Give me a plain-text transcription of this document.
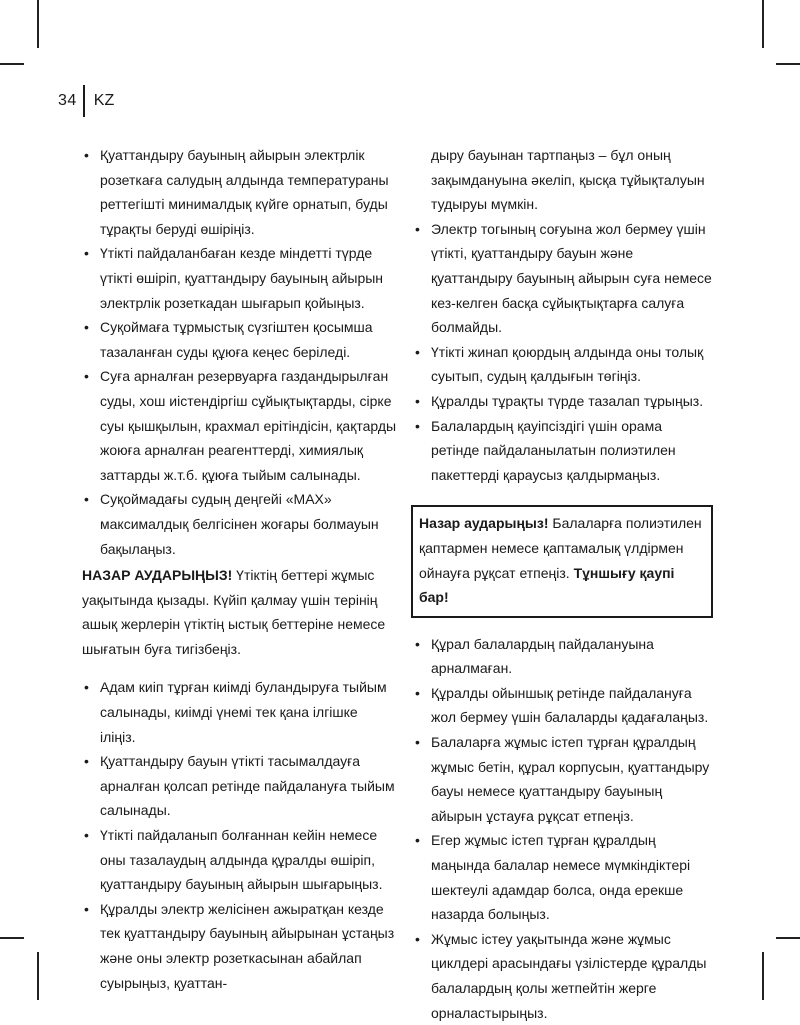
34 KZ
• Қуаттандыру бауының айырын электрлік розеткаға салудың алдында температураны реттегішті минималдық күйге орнатып, буды тұрақты беруді өшіріңіз.
• Үтікті пайдаланбаған кезде міндетті түрде үтікті өшіріп, қуаттандыру бауының айырын электрлік розеткадан шығарып қойыңыз.
• Суқоймаға тұрмыстық сүзгіштен қосымша тазаланған суды құюға кеңес беріледі.
• Суға арналған резервуарға газдандырылған суды, хош иістендіргіш сұйықтықтарды, сірке суы қышқылын, крахмал ерітіндісін, қақтарды жоюға арналған реагенттерді, химиялық заттарды ж.т.б. құюға тыйым салынады.
• Суқоймадағы судың деңгейі «MAX» максималдық белгісінен жоғары болмауын бақылаңыз.

НАЗАР АУДАРЫҢЫЗ! Үтіктің беттері жұмыс уақытында қызады. Күйіп қалмау үшін терінің ашық жерлерін үтіктің ыстық беттеріне немесе шығатын буға тигізбеңіз.

• Адам киіп тұрған киімді буландыруға тыйым салынады, киімді үнемі тек қана ілгішке іліңіз.
• Қуаттандыру бауын үтікті тасымалдауға арналған қолсап ретінде пайдалануға тыйым салынады.
• Үтікті пайдаланып болғаннан кейін немесе оны тазалаудың алдында құралды өшіріп, қуаттандыру бауының айырын шығарыңыз.
• Құралды электр желісінен ажыратқан кезде тек қуаттандыру бауының айырынан ұстаңыз және оны электр розеткасынан абайлап суырыңыз, қуаттан-

дыру бауынан тартпаңыз – бұл оның зақымдануына әкеліп, қысқа тұйықталуын тудыруы мүмкін.

• Электр тогының соғуына жол бермеу үшін үтікті, қуаттандыру бауын және қуаттандыру бауының айырын суға немесе кез-келген басқа сұйықтықтарға салуға болмайды.
• Үтікті жинап қоюрдың алдында оны толық суытып, судың қалдығын төгіңіз.
• Құралды тұрақты түрде тазалап тұрыңыз.
• Балалардың қауіпсіздігі үшін орама ретінде пайдаланылатын полиэтилен пакеттерді қараусыз қалдырмаңыз.
Назар аударыңыз! Балаларға полиэтилен қаптармен немесе қаптамалық үлдірмен ойнауға рұқсат етпеңіз. Тұншығу қаупі бар!
• Құрал балалардың пайдалануына арналмаған.
• Құралды ойыншық ретінде пайдалануға жол бермеу үшін балаларды қадағалаңыз.
• Балаларға жұмыс істеп тұрған құралдың жұмыс бетін, құрал корпусын, қуаттандыру бауы немесе қуаттандыру бауының айырын ұстауға рұқсат етпеңіз.
• Егер жұмыс істеп тұрған құралдың маңында балалар немесе мүмкіндіктері шектеулі адамдар болса, онда ерекше назарда болыңыз.
• Жұмыс істеу уақытында және жұмыс циклдері арасындағы үзілістерде құралды балалардың қолы жетпейтін жерге орналастырыңыз.
